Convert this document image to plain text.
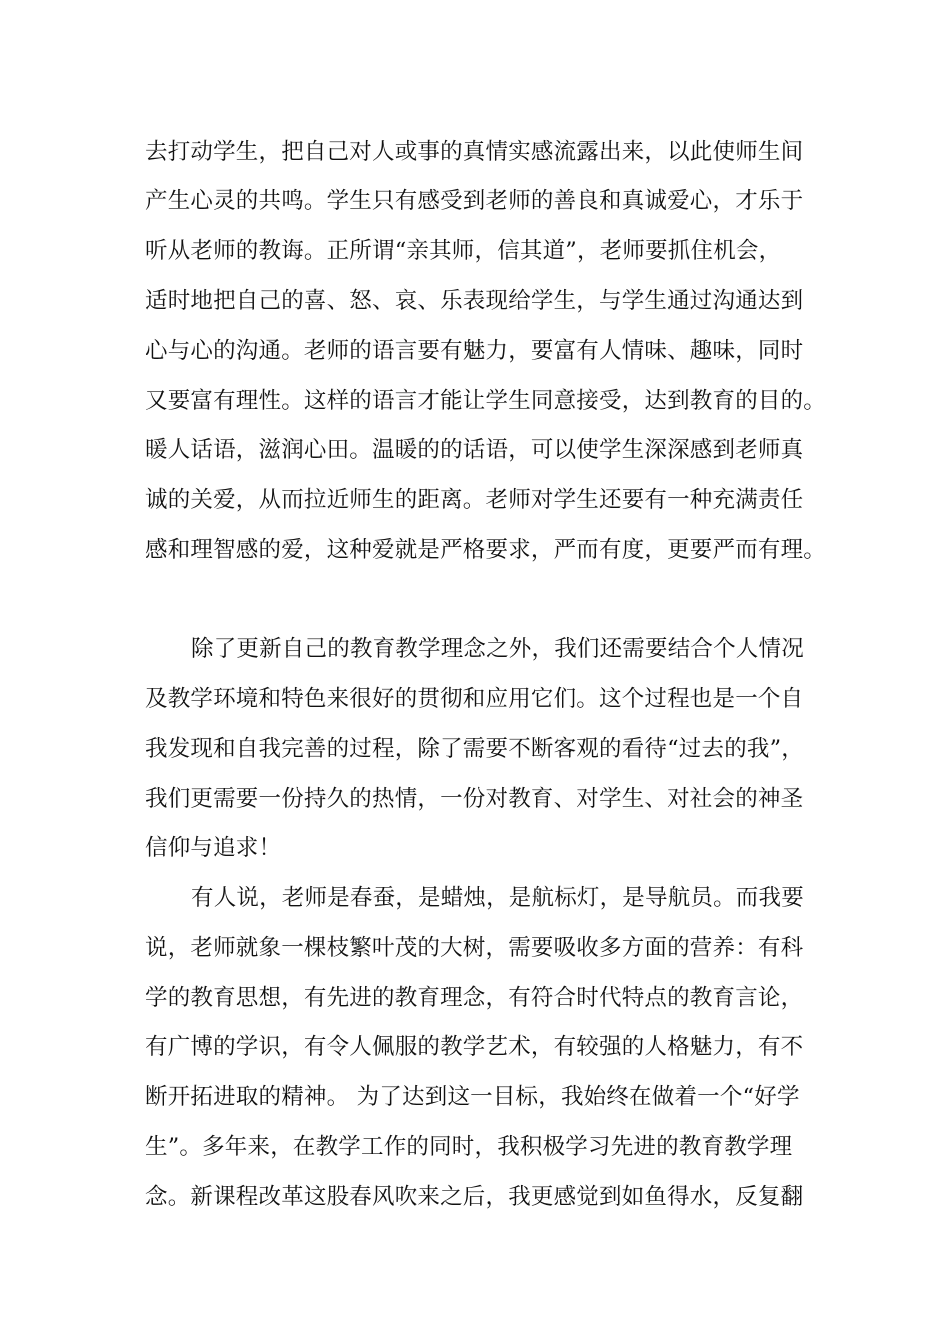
去打动学生，把自己对人或事的真情实感流露出来，以此使师生间
产生心灵的共鸣。学生只有感受到老师的善良和真诚爱心，才乐于
听从老师的教诲。正所谓“亲其师，信其道”，老师要抓住机会，
适时地把自己的喜、怒、哀、乐表现给学生，与学生通过沟通达到
心与心的沟通。老师的语言要有魅力，要富有人情味、趣味，同时
又要富有理性。这样的语言才能让学生同意接受，达到教育的目的。
暖人话语，滋润心田。温暖的的话语，可以使学生深深感到老师真
诚的关爱，从而拉近师生的距离。老师对学生还要有一种充满责任
感和理智感的爱，这种爱就是严格要求，严而有度，更要严而有理。
除了更新自己的教育教学理念之外，我们还需要结合个人情况
及教学环境和特色来很好的贯彻和应用它们。这个过程也是一个自
我发现和自我完善的过程，除了需要不断客观的看待“过去的我”，
我们更需要一份持久的热情，一份对教育、对学生、对社会的神圣
信仰与追求！
有人说，老师是春蚕，是蜡烛，是航标灯，是导航员。而我要
说，老师就象一棵枝繁叶茂的大树，需要吸收多方面的营养：有科
学的教育思想，有先进的教育理念，有符合时代特点的教育言论，
有广博的学识，有令人佩服的教学艺术，有较强的人格魅力，有不
断开拓进取的精神。 为了达到这一目标，我始终在做着一个“好学
生”。多年来，在教学工作的同时，我积极学习先进的教育教学理
念。新课程改革这股春风吹来之后，我更感觉到如鱼得水，反复翻
